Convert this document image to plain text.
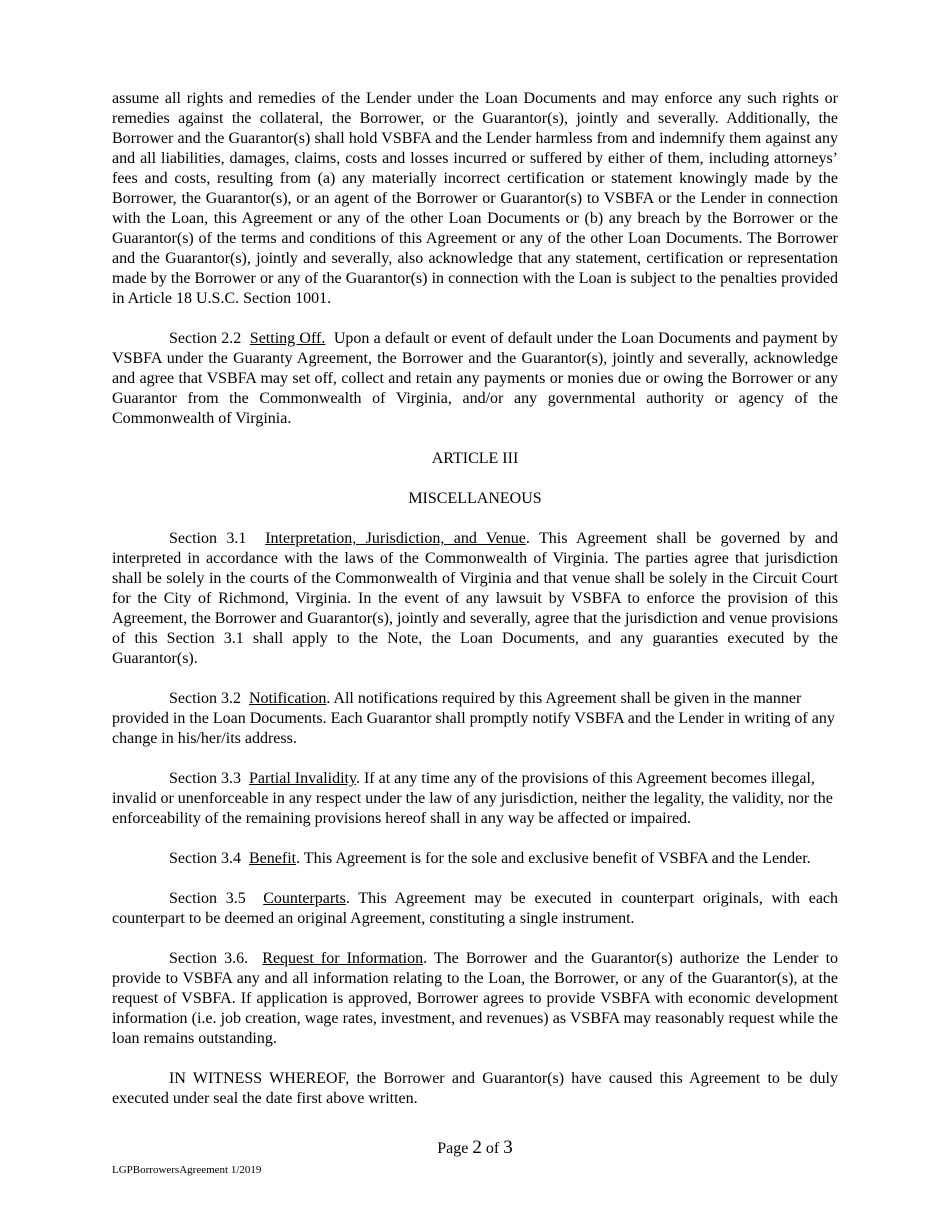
assume all rights and remedies of the Lender under the Loan Documents and may enforce any such rights or remedies against the collateral, the Borrower, or the Guarantor(s), jointly and severally. Additionally, the Borrower and the Guarantor(s) shall hold VSBFA and the Lender harmless from and indemnify them against any and all liabilities, damages, claims, costs and losses incurred or suffered by either of them, including attorneys’ fees and costs, resulting from (a) any materially incorrect certification or statement knowingly made by the Borrower, the Guarantor(s), or an agent of the Borrower or Guarantor(s) to VSBFA or the Lender in connection with the Loan, this Agreement or any of the other Loan Documents or (b) any breach by the Borrower or the Guarantor(s) of the terms and conditions of this Agreement or any of the other Loan Documents. The Borrower and the Guarantor(s), jointly and severally, also acknowledge that any statement, certification or representation made by the Borrower or any of the Guarantor(s) in connection with the Loan is subject to the penalties provided in Article 18 U.S.C. Section 1001.

Section 2.2 Setting Off. Upon a default or event of default under the Loan Documents and payment by VSBFA under the Guaranty Agreement, the Borrower and the Guarantor(s), jointly and severally, acknowledge and agree that VSBFA may set off, collect and retain any payments or monies due or owing the Borrower or any Guarantor from the Commonwealth of Virginia, and/or any governmental authority or agency of the Commonwealth of Virginia.

ARTICLE III
MISCELLANEOUS

Section 3.1 Interpretation, Jurisdiction, and Venue. This Agreement shall be governed by and interpreted in accordance with the laws of the Commonwealth of Virginia. The parties agree that jurisdiction shall be solely in the courts of the Commonwealth of Virginia and that venue shall be solely in the Circuit Court for the City of Richmond, Virginia. In the event of any lawsuit by VSBFA to enforce the provision of this Agreement, the Borrower and Guarantor(s), jointly and severally, agree that the jurisdiction and venue provisions of this Section 3.1 shall apply to the Note, the Loan Documents, and any guaranties executed by the Guarantor(s).

Section 3.2 Notification. All notifications required by this Agreement shall be given in the manner provided in the Loan Documents. Each Guarantor shall promptly notify VSBFA and the Lender in writing of any change in his/her/its address.

Section 3.3 Partial Invalidity. If at any time any of the provisions of this Agreement becomes illegal, invalid or unenforceable in any respect under the law of any jurisdiction, neither the legality, the validity, nor the enforceability of the remaining provisions hereof shall in any way be affected or impaired.

Section 3.4 Benefit. This Agreement is for the sole and exclusive benefit of VSBFA and the Lender.

Section 3.5 Counterparts. This Agreement may be executed in counterpart originals, with each counterpart to be deemed an original Agreement, constituting a single instrument.

Section 3.6. Request for Information. The Borrower and the Guarantor(s) authorize the Lender to provide to VSBFA any and all information relating to the Loan, the Borrower, or any of the Guarantor(s), at the request of VSBFA. If application is approved, Borrower agrees to provide VSBFA with economic development information (i.e. job creation, wage rates, investment, and revenues) as VSBFA may reasonably request while the loan remains outstanding.

IN WITNESS WHEREOF, the Borrower and Guarantor(s) have caused this Agreement to be duly executed under seal the date first above written.

Page 2 of 3
LGPBorrowersAgreement 1/2019
